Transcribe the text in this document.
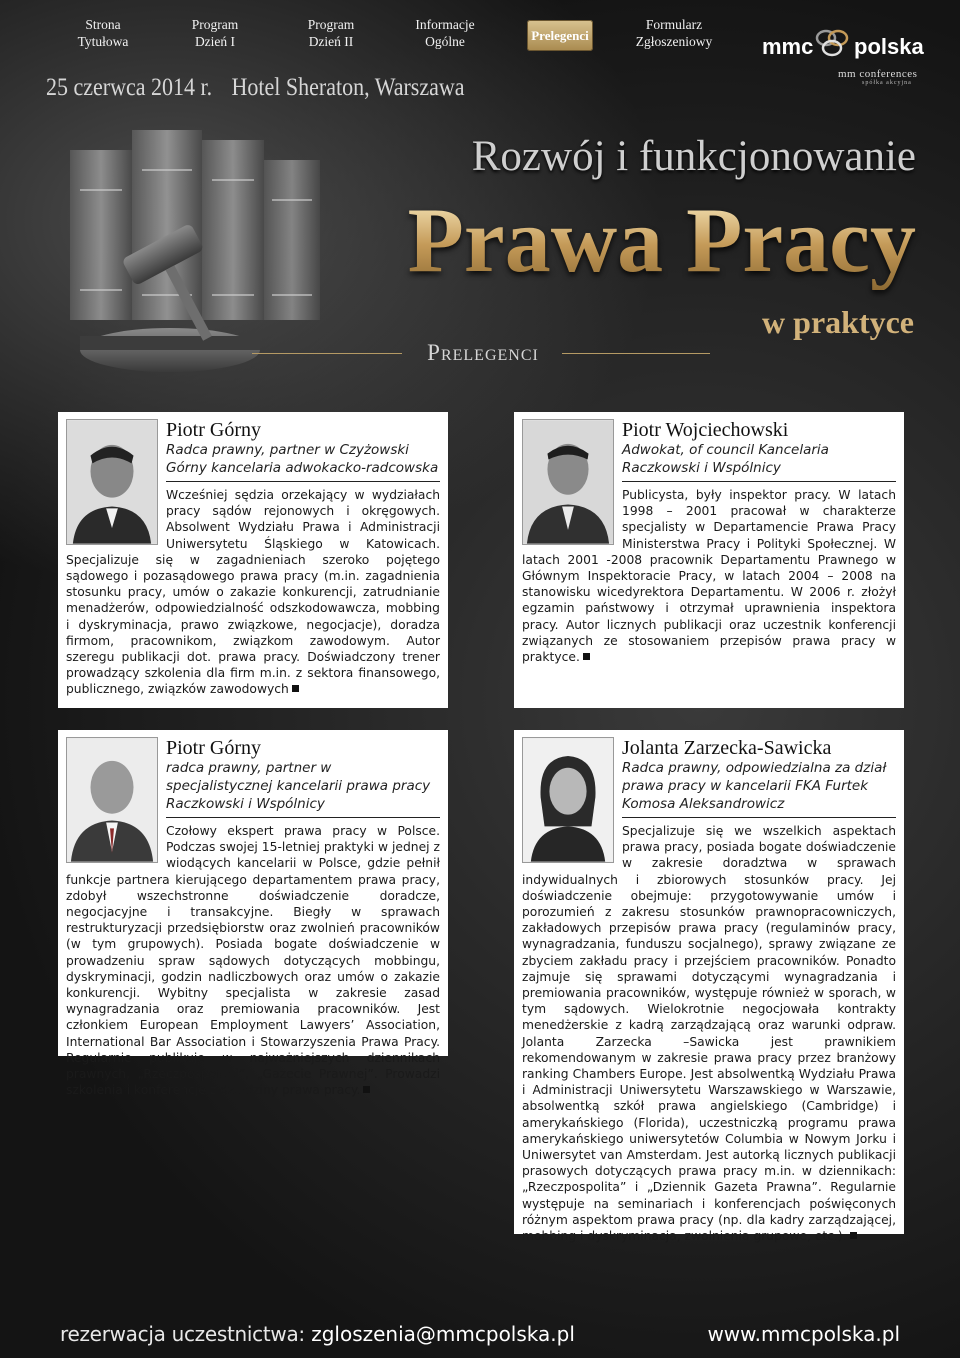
Strona
Tytułowa
Program
Dzień I
Program
Dzień II
Informacje
Ogólne	Prelegenci
Formularz
Zgłoszeniowy	mmc polska
mm conferences
spółka akcyjna
25 czerwca 2014 r. Hotel Sheraton, Warszawa
Rozwój i funkcjonowanie
Prawa Pracy
w praktyce
Prelegenci
Piotr Górny
Radca prawny, partner w Czyżowski Górny kancelaria adwokacko-radcowska
Wcześniej sędzia orzekający w wydziałach pracy sądów rejonowych i okręgowych. Absolwent Wydziału Prawa i Administracji Uniwersytetu Śląskiego w Katowicach. Specjalizuje się w zagadnieniach szeroko pojętego sądowego i pozasądowego prawa pracy (m.in. zagadnienia stosunku pracy, umów o zakazie konkurencji, zatrudnianie menadżerów, odpowiedzialność odszkodowawcza, mobbing i dyskryminacja, prawo związkowe, negocjacje), doradza firmom, pracownikom, związkom zawodowym. Autor szeregu publikacji dot. prawa pracy. Doświadczony trener prowadzący szkolenia dla firm m.in. z sektora finansowego, publicznego, związków zawodowych
Piotr Wojciechowski
Adwokat, of council Kancelaria Raczkowski i Wspólnicy
Publicysta, były inspektor pracy. W latach 1998 – 2001 pracował w charakterze specjalisty w Departamencie Prawa Pracy Ministerstwa Pracy i Polityki Społecznej. W latach 2001 -2008 pracownik Departamentu Prawnego w Głównym Inspektoracie Pracy, w latach 2004 – 2008 na stanowisku wicedyrektora Departamentu. W 2006 r. złożył egzamin państwowy i otrzymał uprawnienia inspektora pracy. Autor licznych publikacji oraz uczestnik konferencji związanych ze stosowaniem przepisów prawa pracy w praktyce.
Piotr Górny
radca prawny, partner w specjalistycznej kancelarii prawa pracy Raczkowski i Wspólnicy
Czołowy ekspert prawa pracy w Polsce. Podczas swojej 15-letniej praktyki w jednej z wiodących kancelarii w Polsce, gdzie pełnił funkcje partnera kierującego departamentem prawa pracy, zdobył wszechstronne doświadczenie doradcze, negocjacyjne i transakcyjne. Biegły w sprawach restrukturyzacji przedsiębiorstw oraz zwolnień pracowników (w tym grupowych). Posiada bogate doświadczenie w prowadzeniu spraw sądowych dotyczących mobbingu, dyskryminacji, godzin nadliczbowych oraz umów o zakazie konkurencji. Wybitny specjalista w zakresie zasad wynagradzania oraz premiowania pracowników. Jest członkiem European Employment Lawyers’ Association, International Bar Association i Stowarzyszenia Prawa Pracy. Regularnie publikuje w najważniejszych dziennikach prawnych, „Rzeczpospolitej”, „Gazecie Prawnej”. Prowadzi szkolenia i konferencje z dziedziny prawa pracy.
Jolanta Zarzecka-Sawicka
Radca prawny, odpowiedzialna za dział prawa pracy w kancelarii FKA Furtek Komosa Aleksandrowicz
Specjalizuje się we wszelkich aspektach prawa pracy, posiada bogate doświadczenie w zakresie doradztwa w sprawach indywidualnych i zbiorowych stosunków pracy. Jej doświadczenie obejmuje: przygotowywanie umów i porozumień z zakresu stosunków prawnopracowniczych, zakładowych przepisów prawa pracy (regulaminów pracy, wynagradzania, funduszu socjalnego), sprawy związane ze zbyciem zakładu pracy i przejściem pracowników. Ponadto zajmuje się sprawami dotyczącymi wynagradzania i premiowania pracowników, występuje również w sporach, w tym sądowych. Wielokrotnie negocjowała kontrakty menedżerskie z kadrą zarządzającą oraz warunki odpraw. Jolanta Zarzecka –Sawicka jest prawnikiem rekomendowanym w zakresie prawa pracy przez branżowy ranking Chambers Europe. Jest absolwentką Wydziału Prawa i Administracji Uniwersytetu Warszawskiego w Warszawie, absolwentką szkół prawa angielskiego (Cambridge) i amerykańskiego (Florida), uczestniczką programu prawa amerykańskiego uniwersytetów Columbia w Nowym Jorku i Uniwersytet van Amsterdam. Jest autorką licznych publikacji prasowych dotyczących prawa pracy m.in. w dziennikach: „Rzeczpospolita” i „Dziennik Gazeta Prawna”. Regularnie występuje na seminariach i konferencjach poświęconych różnym aspektom prawa pracy (np. dla kadry zarządzającej, mobbing i dyskryminacja, zwolnienia grupowe, etc.).
rezerwacja uczestnictwa: zgloszenia@mmcpolska.pl	www.mmcpolska.pl
